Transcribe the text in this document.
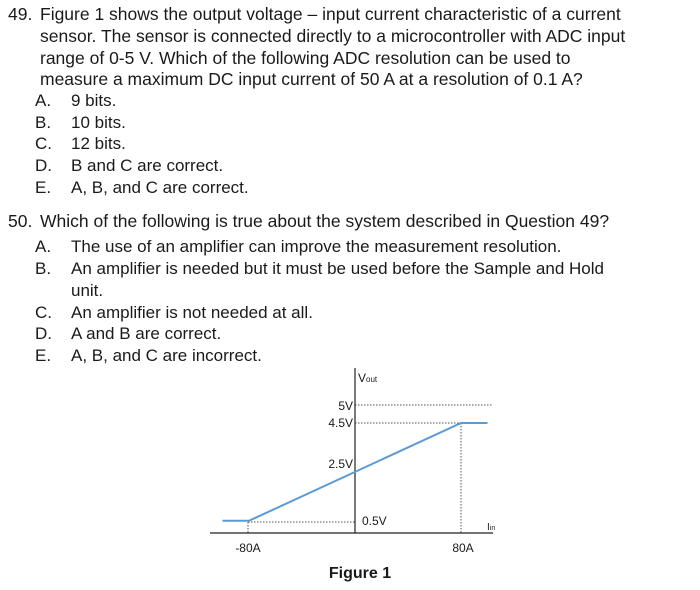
49. Figure 1 shows the output voltage – input current characteristic of a current
sensor. The sensor is connected directly to a microcontroller with ADC input
range of 0-5 V. Which of the following ADC resolution can be used to
measure a maximum DC input current of 50 A at a resolution of 0.1 A?
A. 9 bits.
B. 10 bits.
C. 12 bits.
D. B and C are correct.
E. A, B, and C are correct.
50. Which of the following is true about the system described in Question 49?
A. The use of an amplifier can improve the measurement resolution.
B. An amplifier is needed but it must be used before the Sample and Hold
unit.
C. An amplifier is not needed at all.
D. A and B are correct.
E. A, B, and C are incorrect.
Vout
5V
4.5V
2.5V
0.5V
-80A	80A
Iin
Figure 1
